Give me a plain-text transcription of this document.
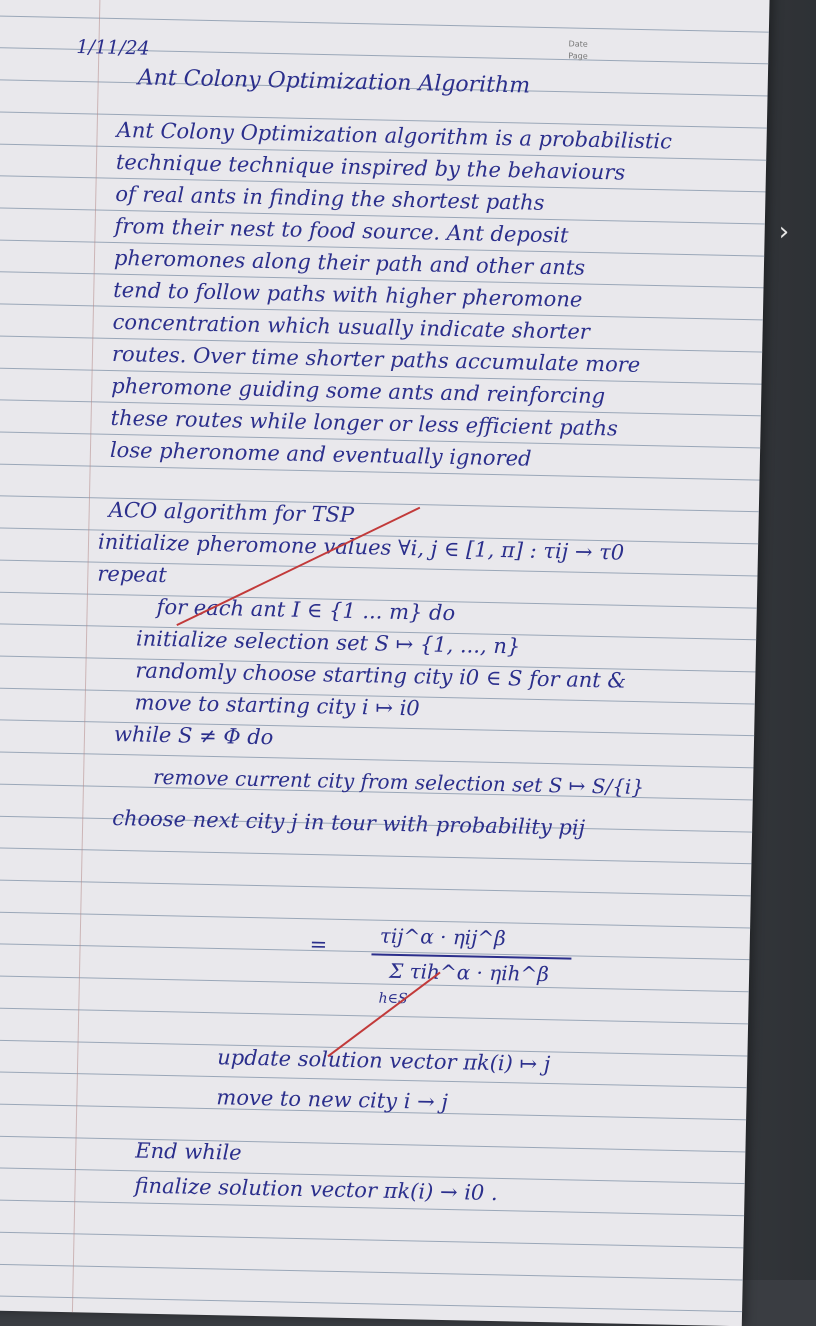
›
Date
Page
1/11/24
Ant Colony Optimization Algorithm
Ant Colony Optimization algorithm is a probabilistic
technique technique inspired by the behaviours
of real ants in finding the shortest paths
from their nest to food source. Ant deposit
pheromones along their path and other ants
tend to follow paths with higher pheromone
concentration which usually indicate shorter
routes. Over time shorter paths accumulate more
pheromone guiding some ants and reinforcing
these routes while longer or less efficient paths
lose pheronome and eventually ignored
ACO algorithm for TSP
initialize pheromone values ∀i, j ∈ [1, π] : τij → τ0
repeat
for each ant I ∈ {1 ... m} do
initialize selection set S ↦ {1, ..., n}
randomly choose starting city i0 ∈ S for ant &
move to starting city i ↦ i0
while S ≠ Φ do
remove current city from selection set S ↦ S/{i}
choose next city j in tour with probability pij
=	τij^α · ηij^β
Σ τih^α · ηih^β
h∈S
update solution vector πk(i) ↦ j
move to new city i → j
End while
finalize solution vector πk(i) → i0 .
